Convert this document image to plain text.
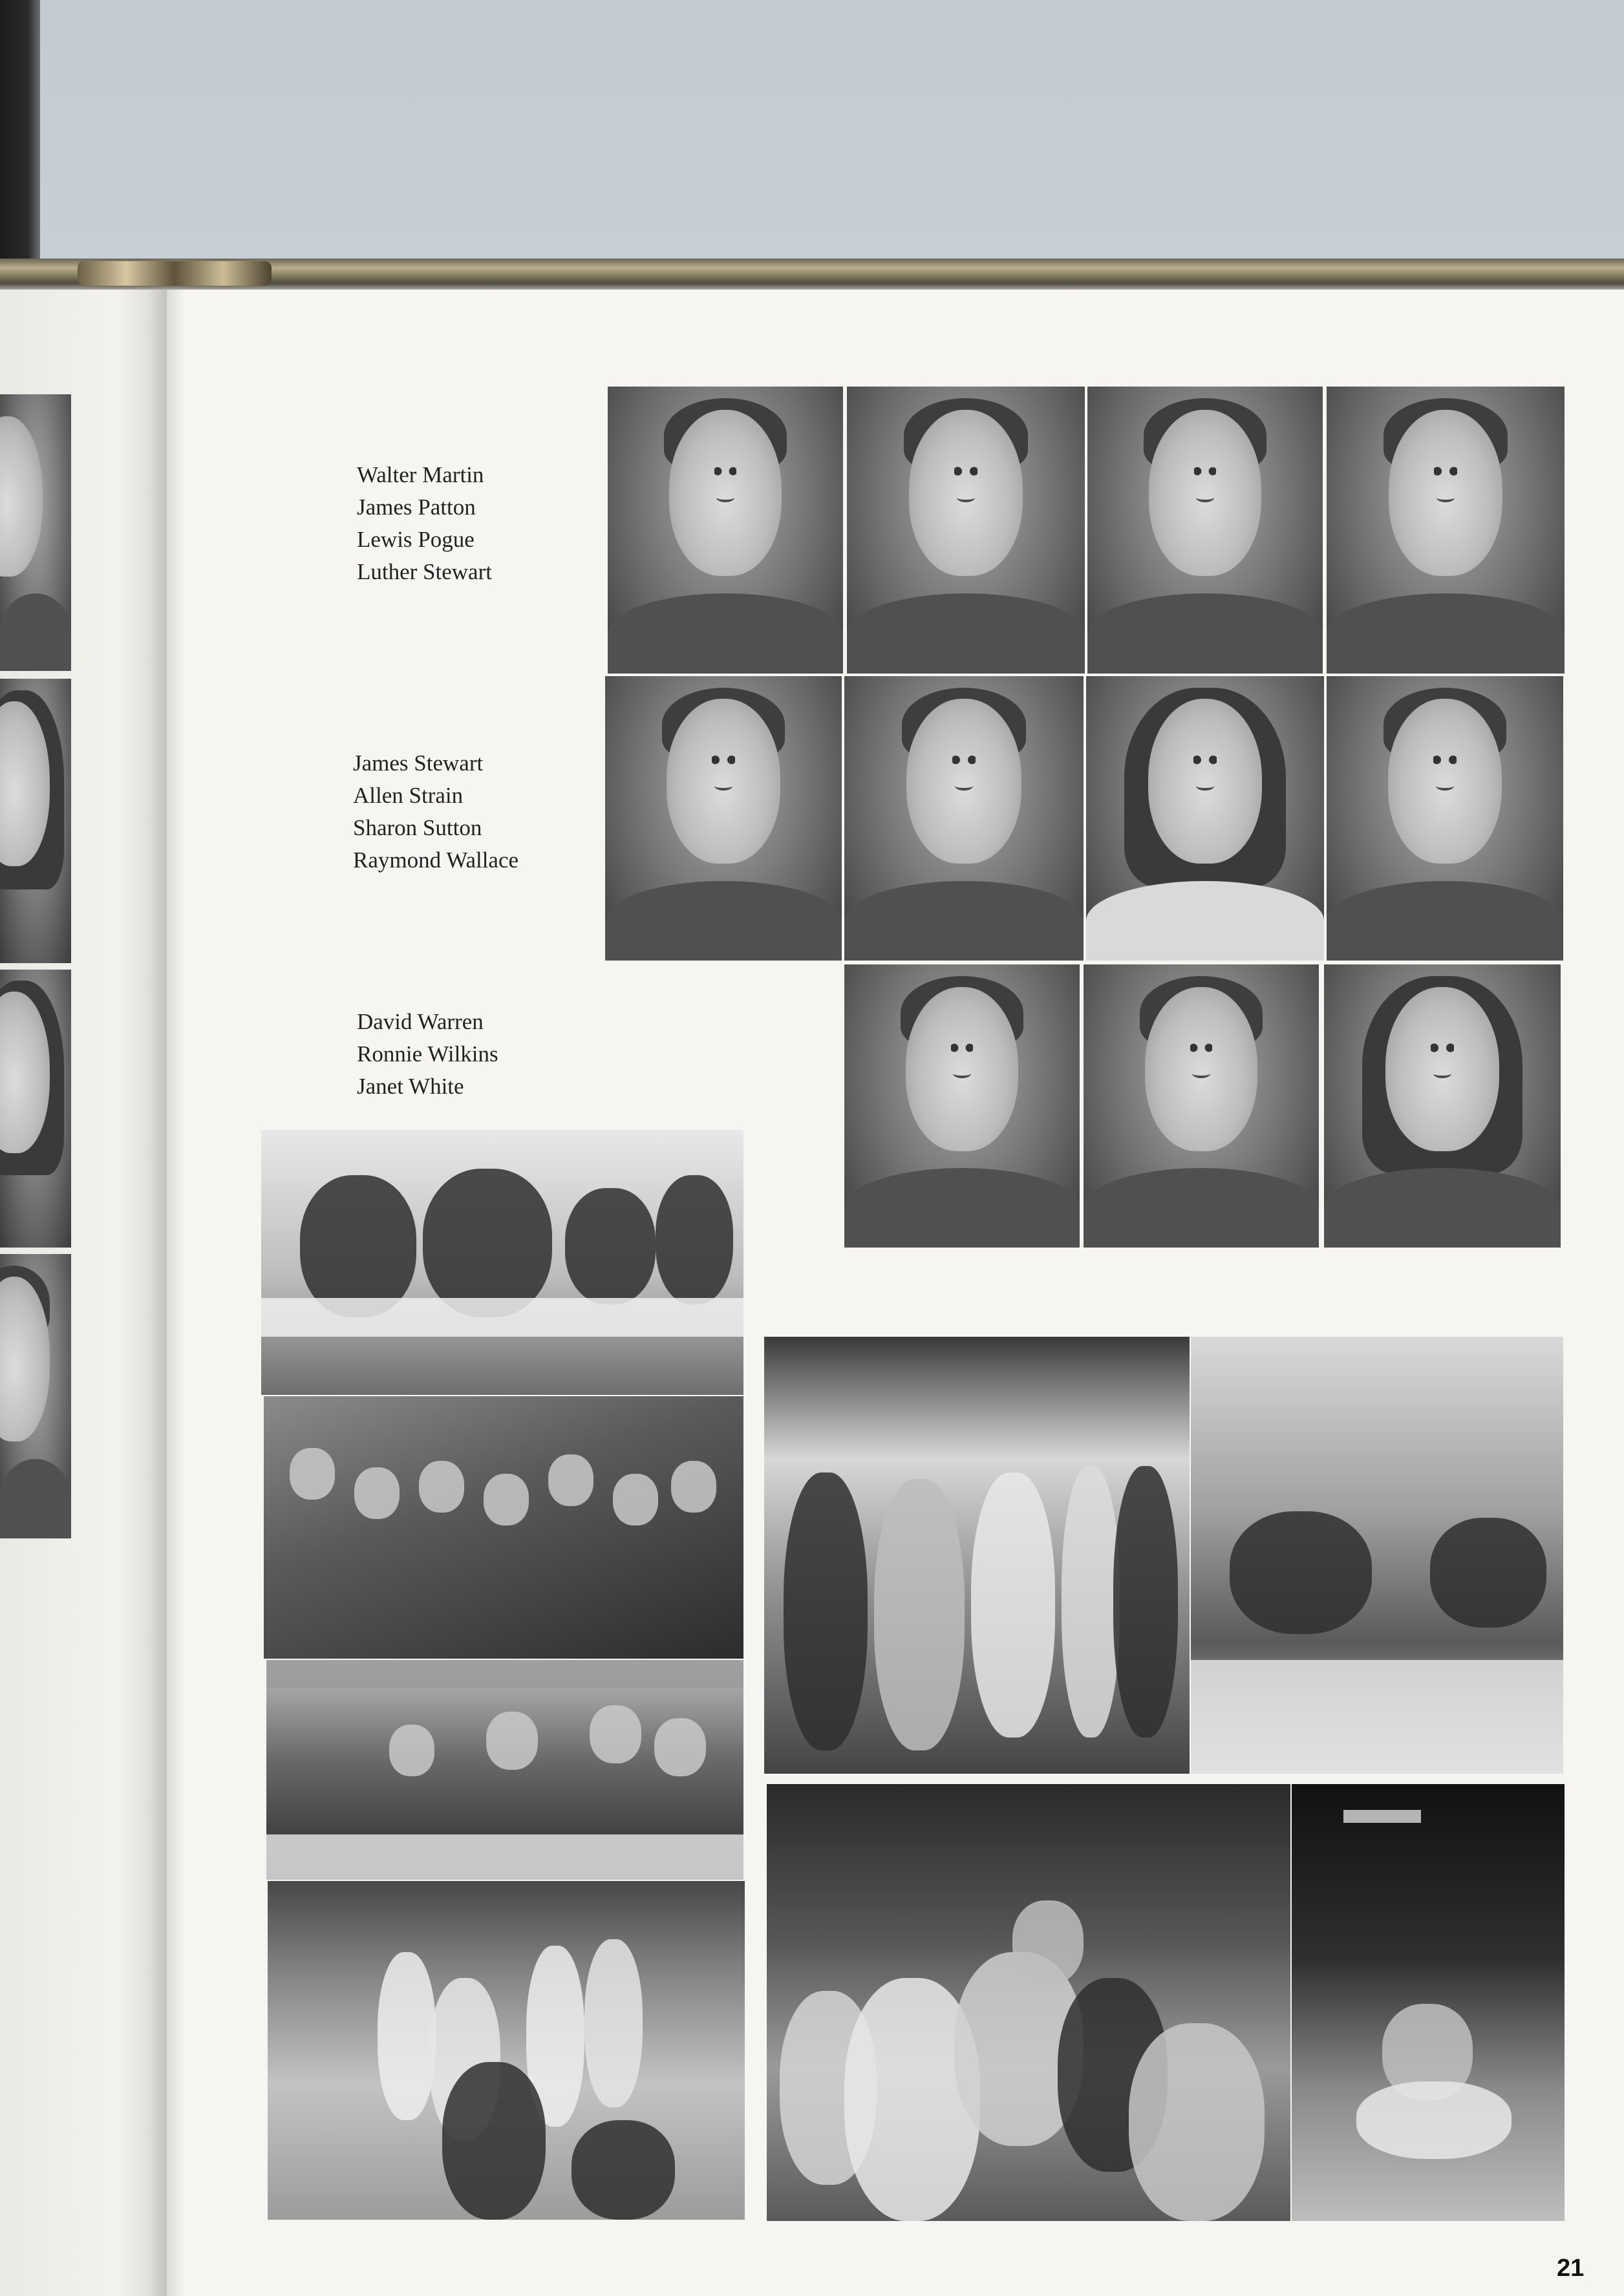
Walter Martin
James Patton
Lewis Pogue
Luther Stewart
James Stewart
Allen Strain
Sharon Sutton
Raymond Wallace
David Warren
Ronnie Wilkins
Janet White
21
